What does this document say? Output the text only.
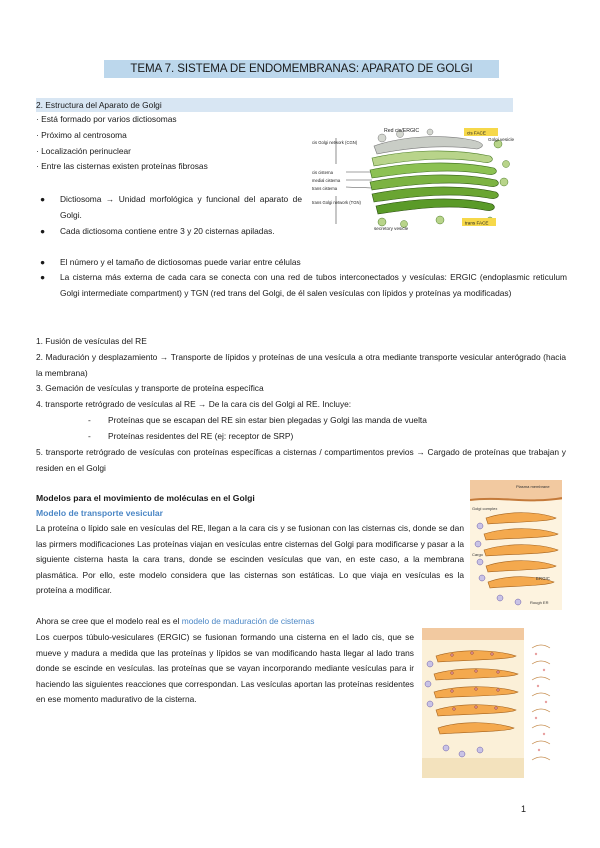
TEMA 7. SISTEMA DE ENDOMEMBRANAS: APARATO DE GOLGI
2. Estructura del Aparato de Golgi
· Está formado por varios dictiosomas
· Próximo al centrosoma
· Localización perinuclear
· Entre las cisternas existen proteínas fibrosas
Red cis/ERGIC	cis FACE
Golgi vesicle
cis Golgi network (CGN)
cis cisterna
medial cisterna
trans cisterna
trans Golgi network (TGN)
secretory vesicle
trans FACE
●	Dictiosoma → Unidad morfológica y funcional del aparato de Golgi.
●	Cada dictiosoma contiene entre 3 y 20 cisternas apiladas.
●	El número y el tamaño de dictiosomas puede variar entre células
●	La cisterna más externa de cada cara se conecta con una red de tubos interconectados y vesículas: ERGIC (endoplasmic reticulum Golgi intermediate compartment) y TGN (red trans del Golgi, de él salen vesículas con lípidos y proteínas ya modificadas)
1. Fusión de vesículas del RE
2. Maduración y desplazamiento → Transporte de lípidos y proteínas de una vesícula a otra mediante transporte vesicular anterógrado (hacia la membrana)
3. Gemación de vesículas y transporte de proteína específica
4. transporte retrógrado de vesículas al RE → De la cara cis del Golgi al RE. Incluye:
- Proteínas que se escapan del RE sin estar bien plegadas y Golgi las manda de vuelta
- Proteínas residentes del RE (ej: receptor de SRP)
5. transporte retrógrado de vesículas con proteínas específicas a cisternas / compartimentos previos → Cargado de proteínas que trabajan y residen en el Golgi
Modelos para el movimiento de moléculas en el Golgi
Modelo de transporte vesicular
La proteína o lípido sale en vesículas del RE, llegan a la cara cis y se fusionan con las cisternas cis, donde se dan las pirmers modificaciones Las proteínas viajan en vesículas entre cisternas del Golgi para modificarse y pasar a la siguiente cisterna hasta la cara trans, donde se escinden vesículas que van, en este caso, a la membrana plasmática. Por ello, este modelo considera que las cisternas son estáticas. Lo que viaja en vesículas es la proteína a modificar.
Plasma membrane
Golgi complex
ERGIC
Cargo
Rough ER
Ahora se cree que el modelo real es el modelo de maduración de cisternas
Los cuerpos túbulo-vesiculares (ERGIC) se fusionan formando una cisterna en el lado cis, que se mueve y madura a medida que las proteínas y lípidos se van modificando hasta llegar al lado trans donde se escinde en vesículas. las proteínas que se vayan incorporando mediante vesículas para ir haciendo las siguientes reacciones que correspondan. Las vesículas aportan las proteínas residentes en ese momento madurativo de la cisterna.
1
